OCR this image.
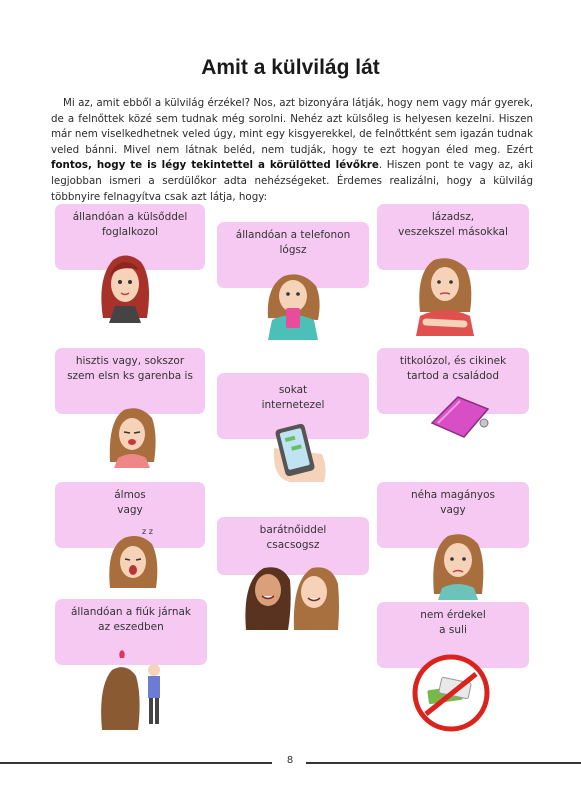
Amit a külvilág lát
Mi az, amit ebből a külvilág érzékel? Nos, azt bizonyára látják, hogy nem vagy már gyerek, de a felnőttek közé sem tudnak még sorolni. Nehéz azt külsőleg is helyesen kezelni. Hiszen már nem viselkedhetnek veled úgy, mint egy kisgyerekkel, de felnőttként sem igazán tudnak veled bánni. Mivel nem látnak beléd, nem tudják, hogy te ezt hogyan éled meg. Ezért fontos, hogy te is légy tekintettel a körülötted lévőkre. Hiszen pont te vagy az, aki legjobban ismeri a serdülőkor adta nehézségeket. Érdemes realizálni, hogy a külvilág többnyire felnagyítva csak azt látja, hogy:
állandóan a külsőddel
foglalkozol	állandóan a telefonon
lógsz
lázadsz,
veszekszel másokkal
hisztis vagy, sokszor
szem elsn ks garenba is
sokat
internetezel
titkolózol, és cikinek
tartod a családod
álmos
vagy
z z	barátnőiddel
csacsogsz
néha magányos
vagy
állandóan a fiúk járnak
az eszedben
nem érdekel
a suli
8
